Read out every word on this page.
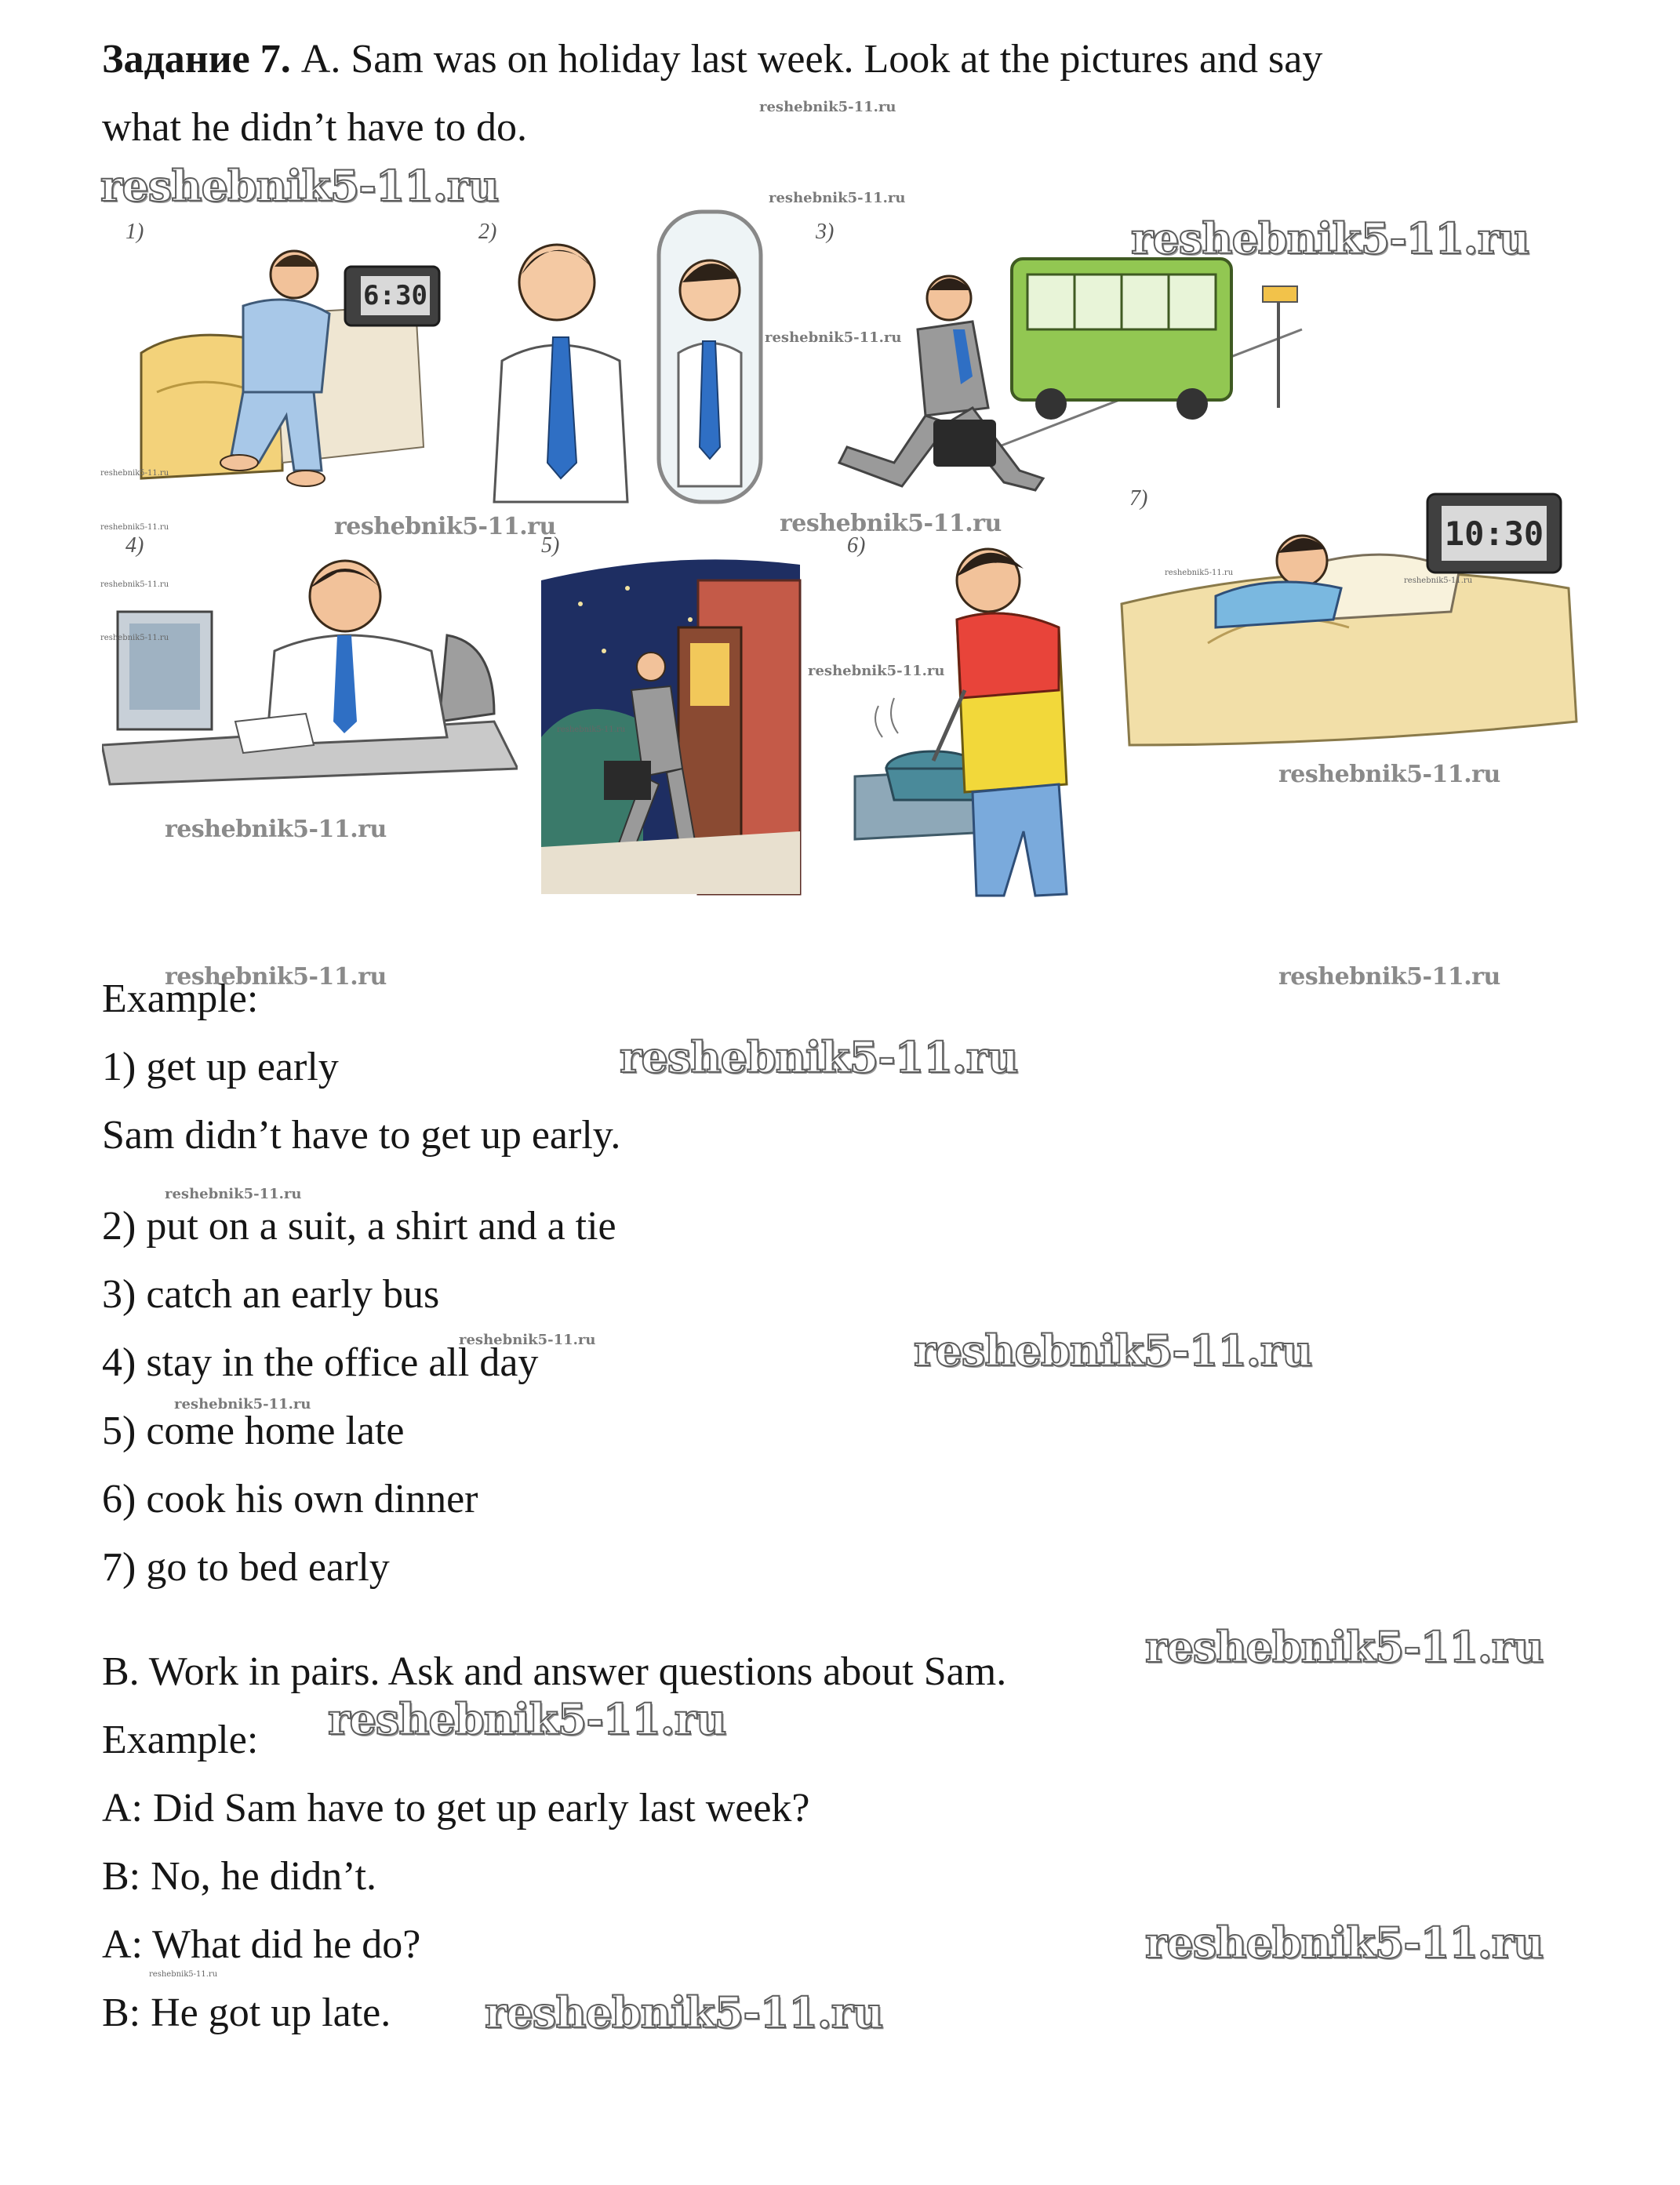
Задание 7. A. Sam was on holiday last week. Look at the pictures and say
what he didn’t have to do.
1)
6:30
2)	3)
4)	5)	6)
7)
10:30
Example:
1) get up early
Sam didn’t have to get up early.
2) put on a suit, a shirt and a tie
3) catch an early bus
4) stay in the office all day
5) come home late
6) cook his own dinner
7) go to bed early
B. Work in pairs. Ask and answer questions about Sam.
Example:
A: Did Sam have to get up early last week?
B: No, he didn’t.
A: What did he do?
B: He got up late.
reshebnik5-11.ru
reshebnik5-11.ru
reshebnik5-11.ru
reshebnik5-11.ru
reshebnik5-11.ru
reshebnik5-11.ru
reshebnik5-11.ru
reshebnik5-11.ru
reshebnik5-11.ru	reshebnik5-11.ru
reshebnik5-11.ru
reshebnik5-11.ru
reshebnik5-11.ru	reshebnik5-11.ru
reshebnik5-11.ru
reshebnik5-11.ru
reshebnik5-11.ru
reshebnik5-11.ru
reshebnik5-11.ru
reshebnik5-11.ru
reshebnik5-11.ru
reshebnik5-11.ru
reshebnik5-11.ru
reshebnik5-11.ru
reshebnik5-11.ru
reshebnik5-11.ru
reshebnik5-11.ru
reshebnik5-11.ru
reshebnik5-11.ru
